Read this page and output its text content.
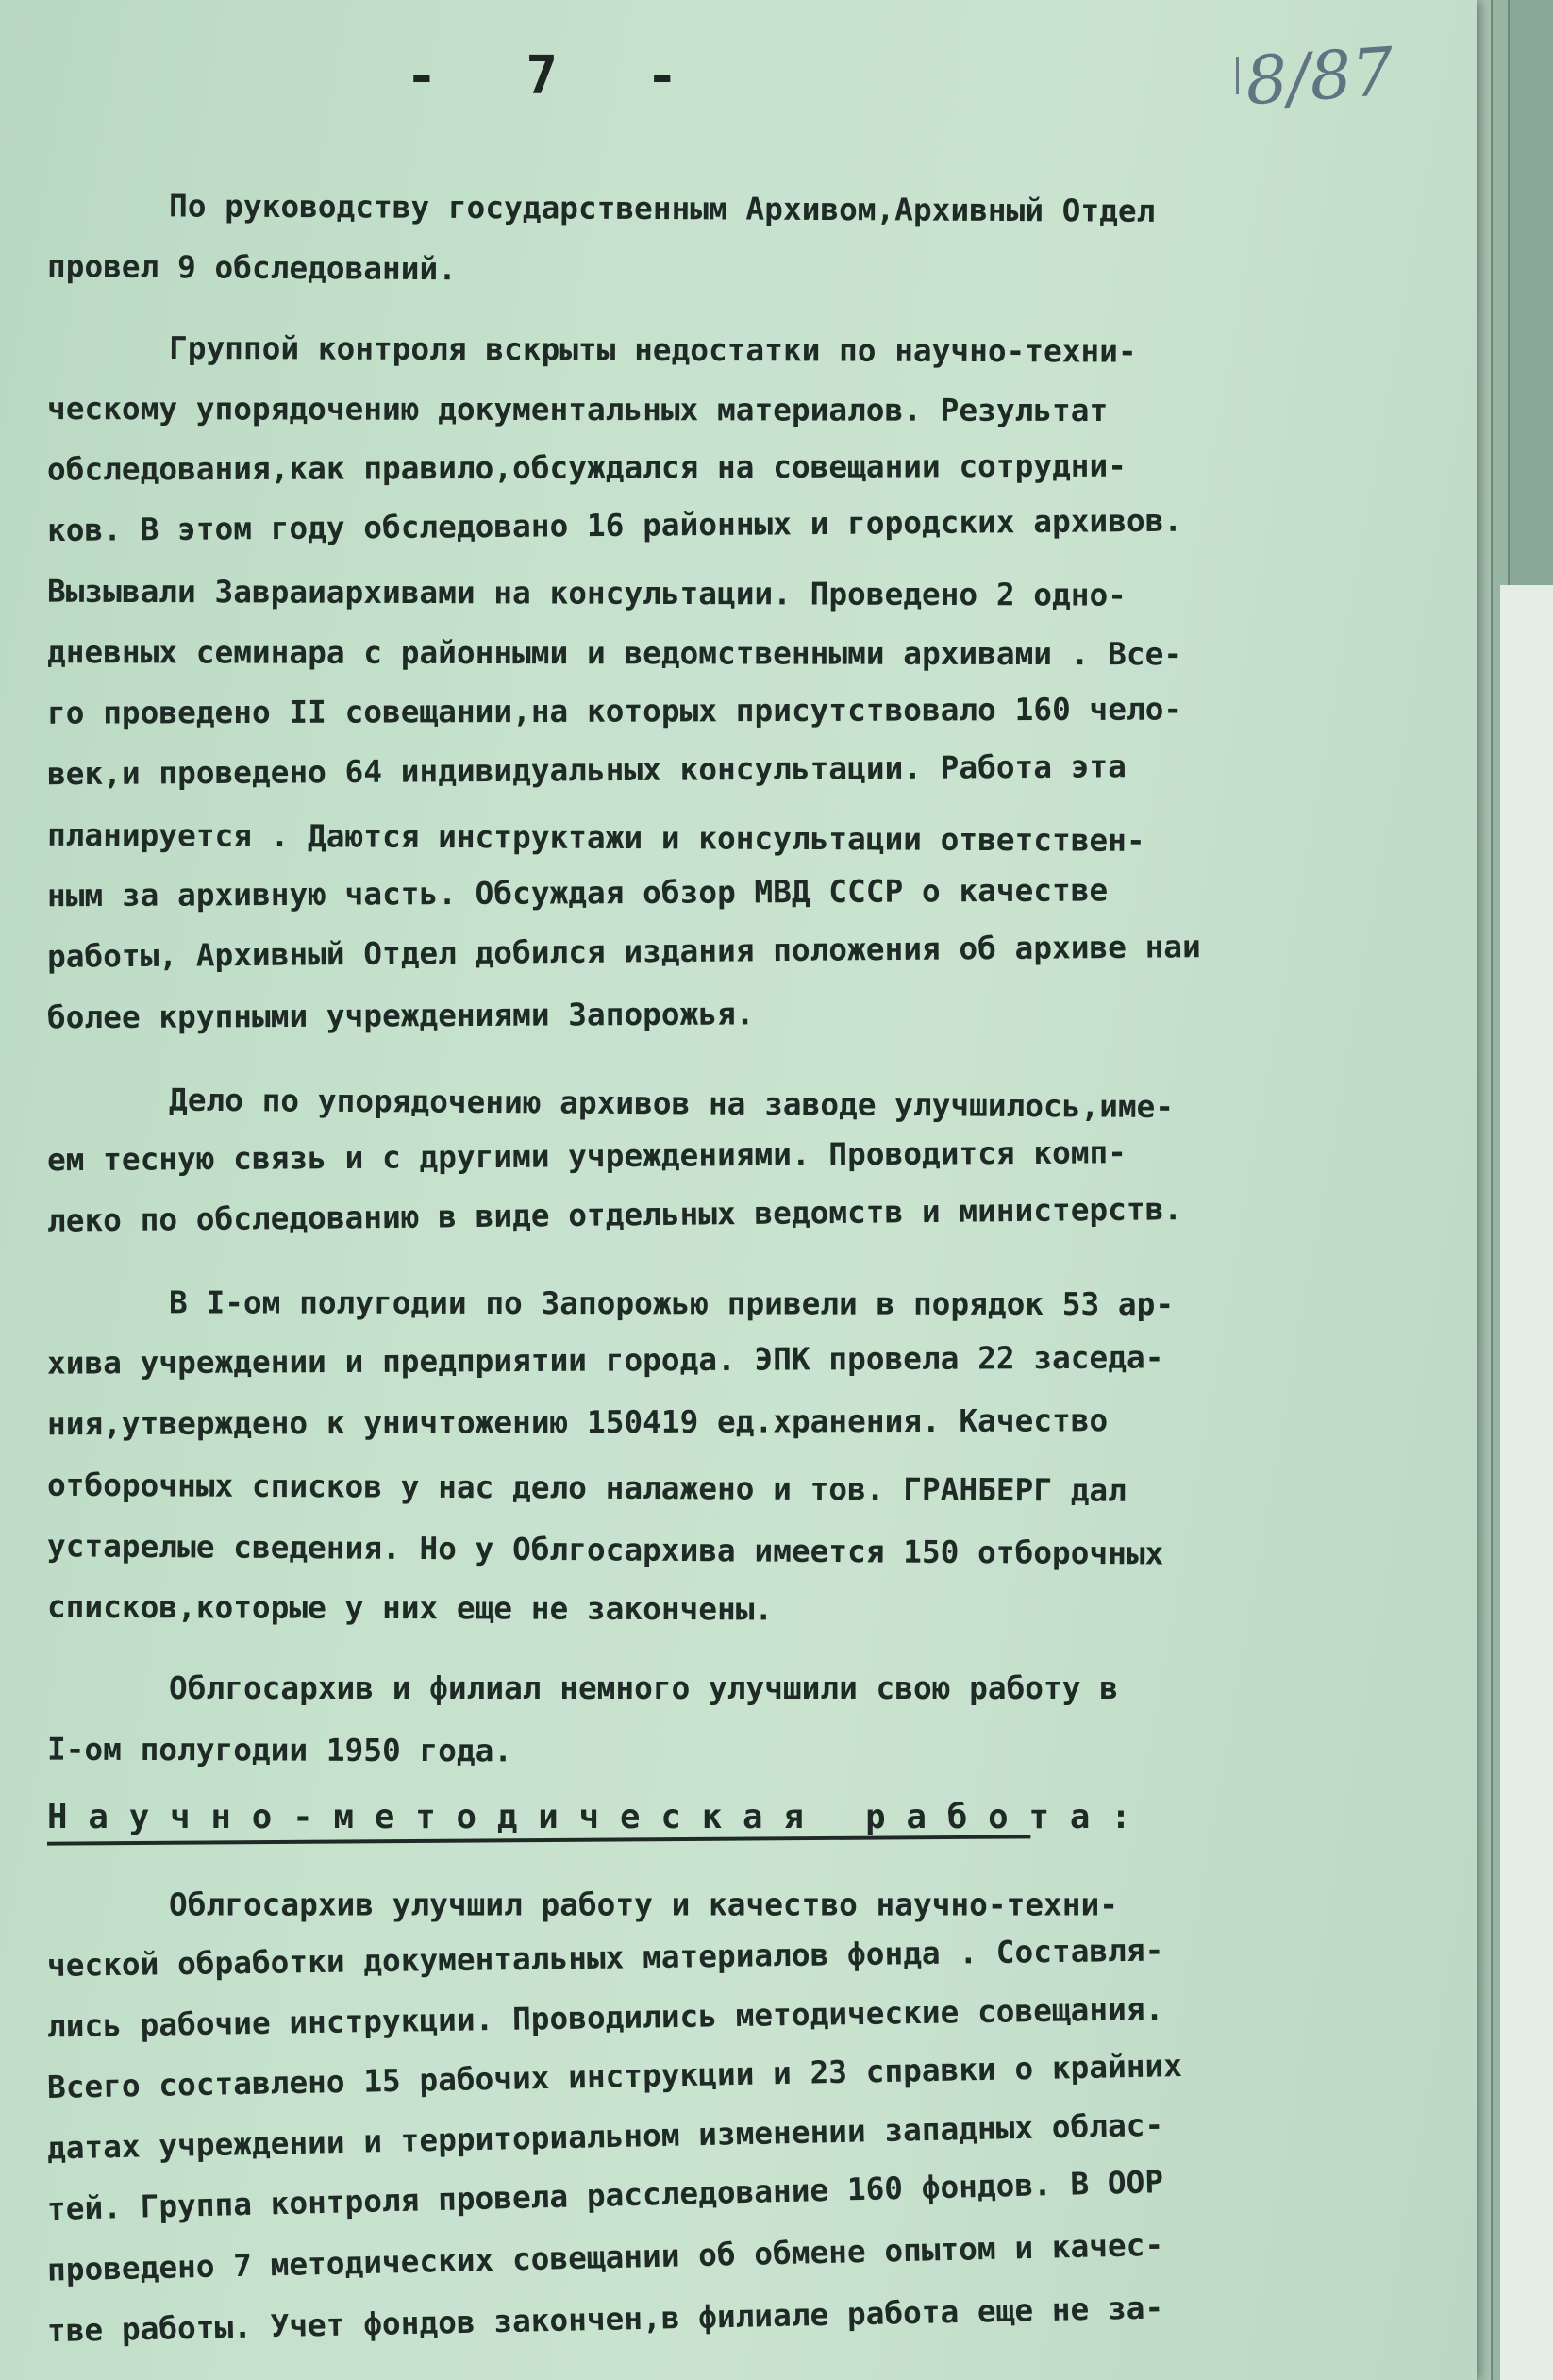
- 7 -	8/87
По руководству государственным Архивом,Архивный Отдел
провел 9 обследований.
Группой контроля вскрыты недостатки по научно-техни-
ческому упорядочению документальных материалов. Результат
обследования,как правило,обсуждался на совещании сотрудни-
ков. В этом году обследовано 16 районных и городских архивов.
Вызывали Завраиархивами на консультации. Проведено 2 одно-
дневных семинара с районными и ведомственными архивами . Все-
го проведено II совещании,на которых присутствовало 160 чело-
век,и проведено 64 индивидуальных консультации. Работа эта
планируется . Даются инструктажи и консультации ответствен-
ным за архивную часть. Обсуждая обзор МВД СССР о качестве
работы, Архивный Отдел добился издания положения об архиве наи
более крупными учреждениями Запорожья.
Дело по упорядочению архивов на заводе улучшилось,име-
ем тесную связь и с другими учреждениями. Проводится комп-
леко по обследованию в виде отдельных ведомств и министерств.
В I-ом полугодии по Запорожью привели в порядок 53 ар-
хива учреждении и предприятии города. ЭПК провела 22 заседа-
ния,утверждено к уничтожению 150419 ед.хранения. Качество
отборочных списков у нас дело налажено и тов. ГРАНБЕРГ дал
устарелые сведения. Но у Облгосархива имеется 150 отборочных
списков,которые у них еще не закончены.
Облгосархив и филиал немного улучшили свою работу в
I-ом полугодии 1950 года.
Научно-методическая работа:
Облгосархив улучшил работу и качество научно-техни-
ческой обработки документальных материалов фонда . Составля-
лись рабочие инструкции. Проводились методические совещания.
Всего составлено 15 рабочих инструкции и 23 справки о крайних
датах учреждении и территориальном изменении западных облас-
тей. Группа контроля провела расследование 160 фондов. В ООР
проведено 7 методических совещании об обмене опытом и качес-
тве работы. Учет фондов закончен,в филиале работа еще не за-
